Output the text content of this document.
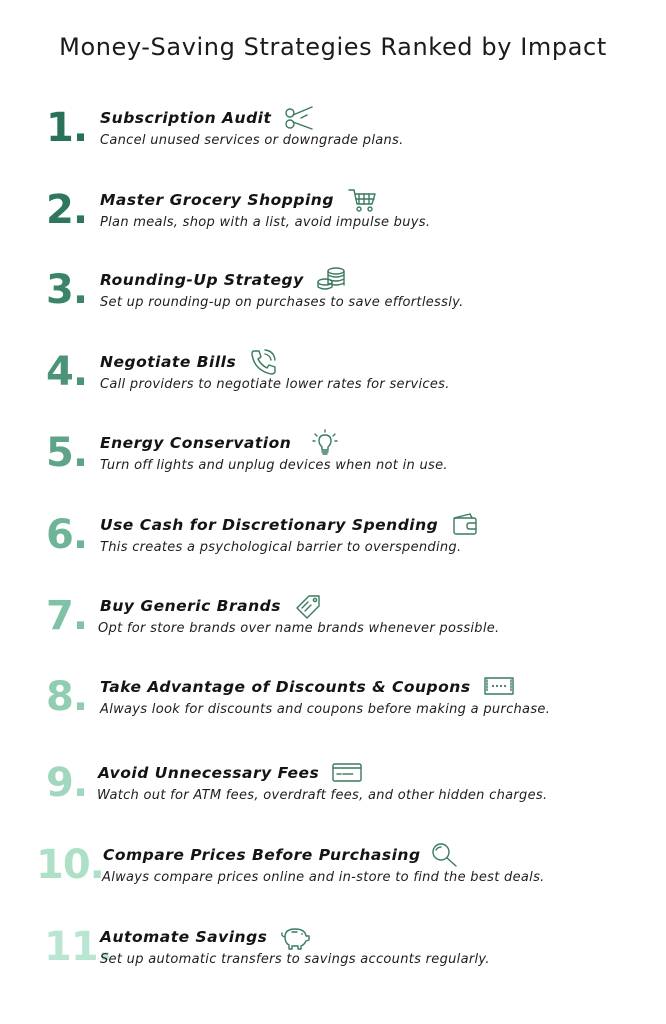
Money-Saving Strategies Ranked by Impact
1. Subscription Audit
Cancel unused services or downgrade plans.
2. Master Grocery Shopping
Plan meals, shop with a list, avoid impulse buys.
3. Rounding-Up Strategy
Set up rounding-up on purchases to save effortlessly.
4. Negotiate Bills
Call providers to negotiate lower rates for services.
5. Energy Conservation
Turn off lights and unplug devices when not in use.
6. Use Cash for Discretionary Spending
This creates a psychological barrier to overspending.
7. Buy Generic Brands
Opt for store brands over name brands whenever possible.
8. Take Advantage of Discounts & Coupons
Always look for discounts and coupons before making a purchase.
9. Avoid Unnecessary Fees
Watch out for ATM fees, overdraft fees, and other hidden charges.
10. Compare Prices Before Purchasing
Always compare prices online and in-store to find the best deals.
11.
Automate Savings
Set up automatic transfers to savings accounts regularly.
